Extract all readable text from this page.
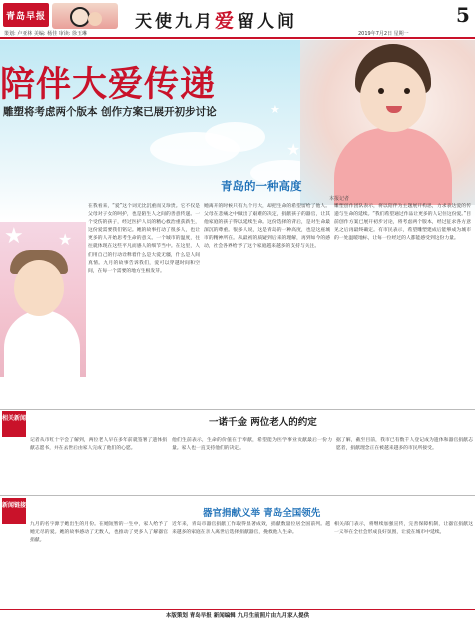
青岛早报	天使九月爱留人间	5
策划: 卢亚林 美编: 杨佳 审读: 徐玉琳	2019年7月2日 星期一
★
★
陪伴大爱传递
雕塑将考虑两个版本 创作方案已展开初步讨论
青岛的一种高度
本报记者
★ ★
在我看来，“爱”这个词无比沉重而又珍贵。它不仅是父母对子女的呵护，也是陌生人之间的善意传递。一个受伤的孩子，经过医护人员的精心救治重获新生，这份爱需要我们铭记。她的故事打动了很多人，也让更多的人开始思考生命的意义。一个城市的温度，往往就体现在这些平凡而感人的细节当中。在这里，人们用自己的行动诠释着什么是大爱无疆，什么是人间真情。九月的故事告诉我们，爱可以穿越时间和空间，在每一个需要的地方生根发芽。
她离开的时候只有九个月大，却把生命的希望留给了他人。父母在悲痛之中做出了艰难的决定，捐献孩子的器官，让其他家庭的孩子得以延续生命。这份选择的背后，是对生命最深沉的尊重。很多人说，这是青岛的一种高度，也是这座城市的精神所在。从最初的质疑到后来的理解，再到如今的感动，社会各界给予了这个家庭越来越多的支持与关注。
雕塑创作团队表示，将以陪伴为主题展开构思，力求表达爱的传递与生命的延续。“我们希望通过作品让更多的人记住这份爱。”目前创作方案已展开初步讨论，将考虑两个版本，经过征求各方意见之后再最终确定。有市民表示，希望雕塑建成后能够成为城市的一处温暖地标，让每一位经过的人都能感受到这份力量。
相关新闻	一诺千金 两位老人的约定
记者从市红十字会了解到，两位老人早在多年前就签署了遗体捐献志愿书，并在去世后由家人完成了他们的心愿。
他们生前表示，生命的价值在于奉献，希望能为医学事业贡献最后一份力量。家人也一直支持他们的决定。
据了解，截至目前，我市已有数千人登记成为遗体和器官捐献志愿者，捐献理念正在被越来越多的市民所接受。
新闻链接
器官捐献义举 青岛全国领先
九月的名字源于她出生的月份。在她短暂的一生中，家人给予了她无尽的爱。她的故事感动了无数人，也推动了更多人了解器官捐献。
近年来，青岛市器官捐献工作取得显著成效，捐献数量位居全国前列。越来越多的家庭在亲人离世后选择捐献器官，挽救他人生命。
相关部门表示，将继续加强宣传，完善保障机制，让器官捐献这一义举在全社会形成良好氛围，让爱在城市中延续。
本版策划 青岛早报 新闻编辑 九月生前照片由九月家人提供
